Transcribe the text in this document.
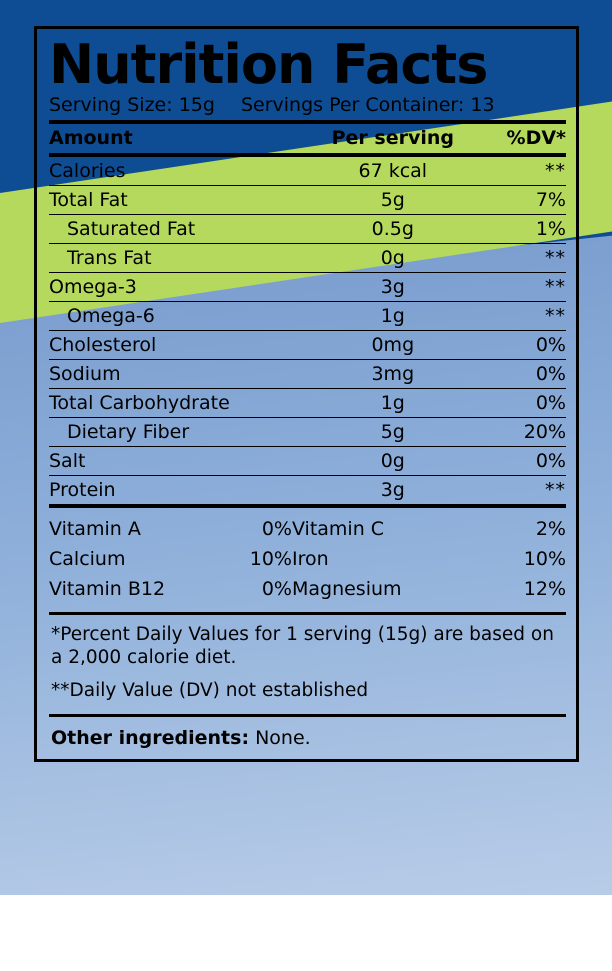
Nutrition Facts
Serving Size: 15g Servings Per Container: 13
Amount	Per serving	%DV*
Calories	67 kcal	**
Total Fat	5g	7%
Saturated Fat	0.5g	1%
Trans Fat	0g	**
Omega-3	3g	**
Omega-6	1g	**
Cholesterol	0mg	0%
Sodium	3mg	0%
Total Carbohydrate	1g	0%
Dietary Fiber	5g	20%
Salt	0g	0%
Protein	3g	**
Vitamin A	0%	Vitamin C	2%
Calcium	10%	Iron	10%
Vitamin B12	0%	Magnesium	12%

*Percent Daily Values for 1 serving (15g) are based on a 2,000 calorie diet.

**Daily Value (DV) not established

Other ingredients: None.
